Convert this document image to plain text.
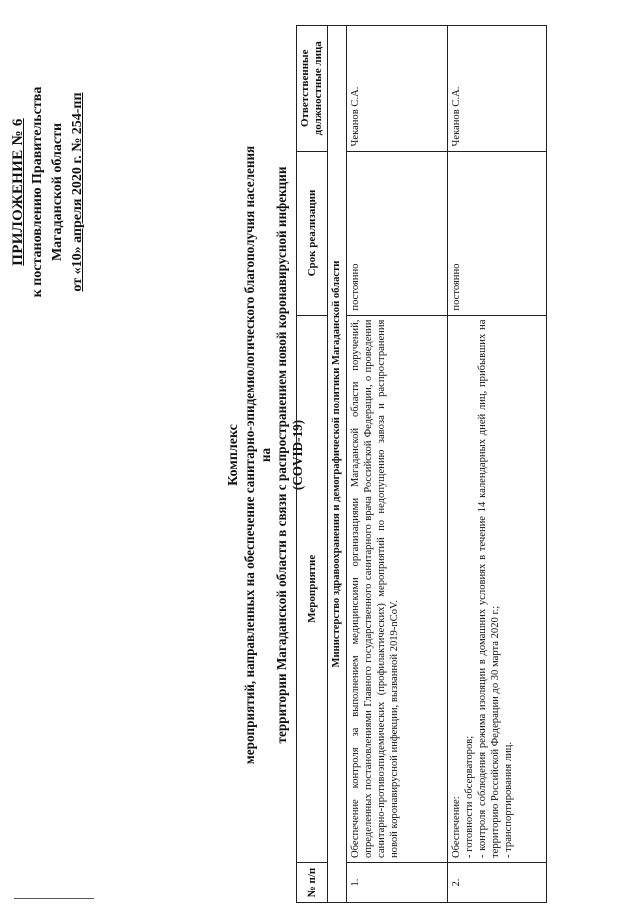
ПРИЛОЖЕНИЕ № 6 к постановлению Правительства Магаданской области от «10» апреля 2020 г. № 254-пп
Комплекс мероприятий, направленных на обеспечение санитарно-эпидемиологического благополучия населения на территории Магаданской области в связи с распространением новой коронавирусной инфекции (COVID-19)
№ п/п	Мероприятие	Срок реализации	Ответственные должностные лица
Министерство здравоохранения и демографической политики Магаданской области			
1.	Обеспечение контроля за выполнением медицинскими организациями Магаданской области поручений, определенных постановлениями Главного государственного санитарного врача Российской Федерации, о проведении санитарно-противоэпидемических (профилактических) мероприятий по недопущению завоза и распространения новой коронавирусной инфекции, вызванной 2019-nCoV.	постоянно	Чеканов С.А.
2.	Обеспечение: - готовности обсерваторов; - контроля соблюдения режима изоляции в домашних условиях в течение 14 календарных дней лиц, прибывших на территорию Российской Федерации до 30 марта 2020 г.; - транспортирования лиц.	постоянно	Чеканов С.А.
